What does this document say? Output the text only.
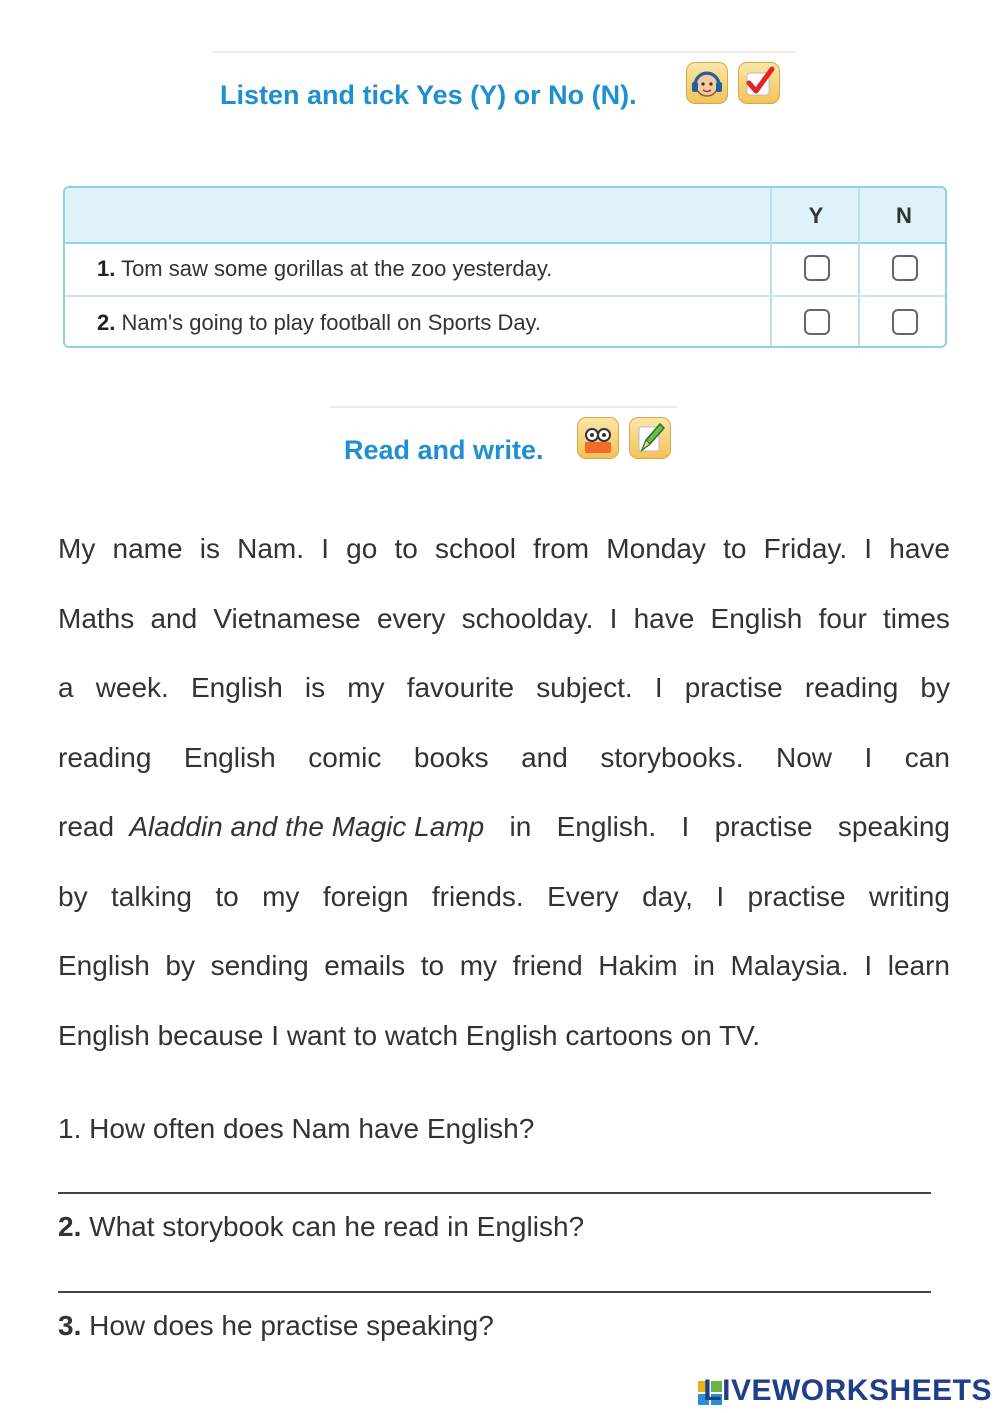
Listen and tick Yes (Y) or No (N).
Y	N
1. Tom saw some gorillas at the zoo yesterday.
2. Nam's going to play football on Sports Day.
Read and write.
My name is Nam. I go to school from Monday to Friday. I have
Maths and Vietnamese every schoolday. I have English four times
a week. English is my favourite subject. I practise reading by
reading English comic books and storybooks. Now I can
read Aladdin and the Magic Lamp in English. I practise speaking
by talking to my foreign friends. Every day, I practise writing
English by sending emails to my friend Hakim in Malaysia. I learn
English because I want to watch English cartoons on TV.
1. How often does Nam have English?
2. What storybook can he read in English?
3. How does he practise speaking?
LIVEWORKSHEETS
